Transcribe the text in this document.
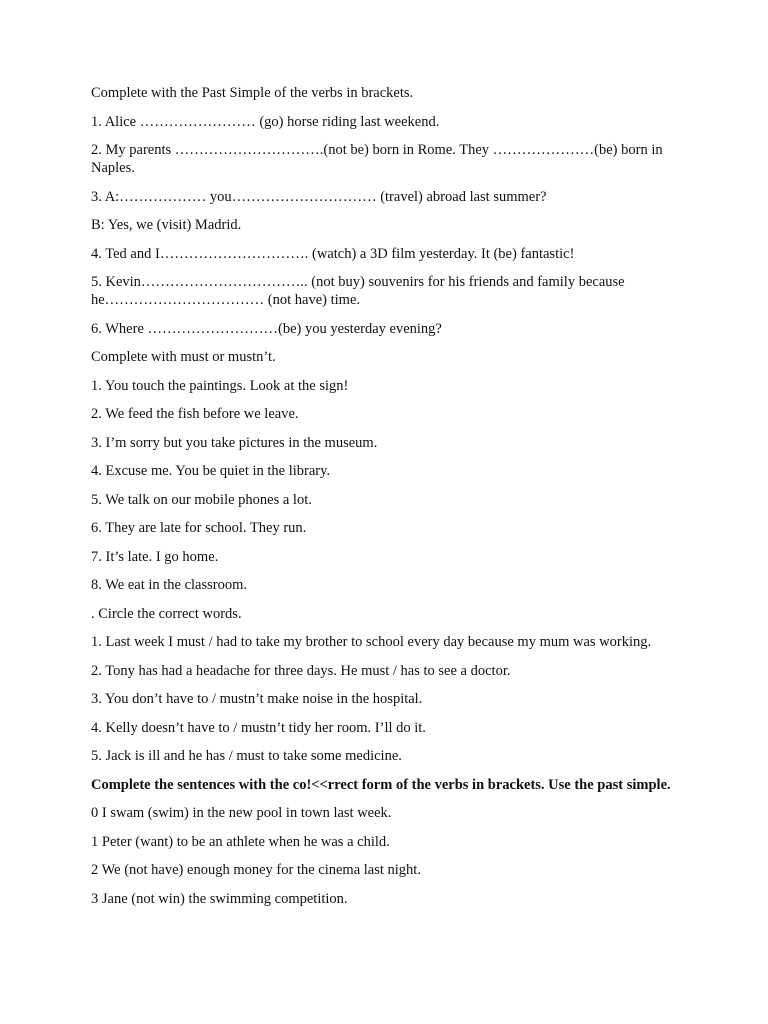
Complete with the Past Simple of the verbs in brackets.

1. Alice …………………… (go) horse riding last weekend.

2. My parents ………………………….(not be) born in Rome. They …………………(be) born in Naples.

3. A:……………… you………………………… (travel) abroad last summer?

B: Yes, we (visit) Madrid.

4. Ted and I…………………………. (watch) a 3D film yesterday. It (be) fantastic!

5. Kevin…………………………….. (not buy) souvenirs for his friends and family because he…………………………… (not have) time.

6. Where ………………………(be) you yesterday evening?

Complete with must or mustn’t.

1. You touch the paintings. Look at the sign!

2. We feed the fish before we leave.

3. I’m sorry but you take pictures in the museum.

4. Excuse me. You be quiet in the library.

5. We talk on our mobile phones a lot.

6. They are late for school. They run.

7. It’s late. I go home.

8. We eat in the classroom.

. Circle the correct words.

1. Last week I must / had to take my brother to school every day because my mum was working.

2. Tony has had a headache for three days. He must / has to see a doctor.

3. You don’t have to / mustn’t make noise in the hospital.

4. Kelly doesn’t have to / mustn’t tidy her room. I’ll do it.

5. Jack is ill and he has / must to take some medicine.

Complete the sentences with the co!<<rrect form of the verbs in brackets. Use the past simple.

0 I swam (swim) in the new pool in town last week.

1 Peter (want) to be an athlete when he was a child.

2 We (not have) enough money for the cinema last night.

3 Jane (not win) the swimming competition.
